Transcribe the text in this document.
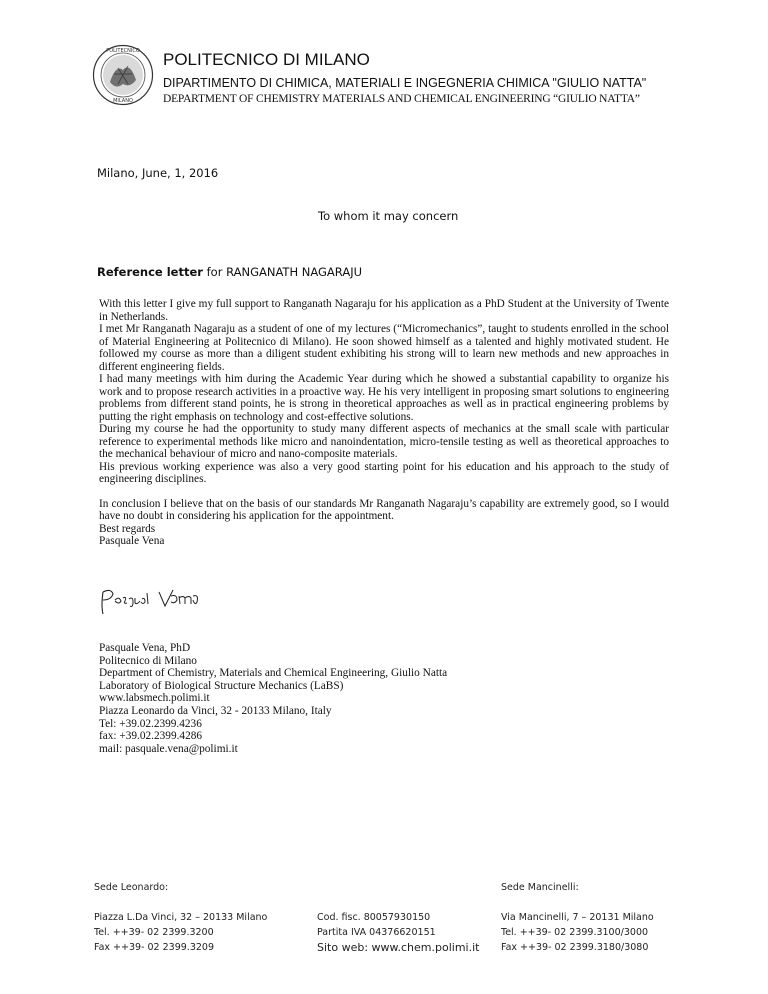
POLITECNICO
MILANO
POLITECNICO DI MILANO
DIPARTIMENTO DI CHIMICA, MATERIALI E INGEGNERIA CHIMICA "GIULIO NATTA"
DEPARTMENT OF CHEMISTRY MATERIALS AND CHEMICAL ENGINEERING “GIULIO NATTA”
Milano, June, 1, 2016
To whom it may concern
Reference letter for RANGANATH NAGARAJU

With this letter I give my full support to Ranganath Nagaraju for his application as a PhD Student at the University of Twente in Netherlands.

I met Mr Ranganath Nagaraju as a student of one of my lectures (“Micromechanics”, taught to students enrolled in the school of Material Engineering at Politecnico di Milano). He soon showed himself as a talented and highly motivated student. He followed my course as more than a diligent student exhibiting his strong will to learn new methods and new approaches in different engineering fields.

I had many meetings with him during the Academic Year during which he showed a substantial capability to organize his work and to propose research activities in a proactive way. He his very intelligent in proposing smart solutions to engineering problems from different stand points, he is strong in theoretical approaches as well as in practical engineering problems by putting the right emphasis on technology and cost-effective solutions.

During my course he had the opportunity to study many different aspects of mechanics at the small scale with particular reference to experimental methods like micro and nanoindentation, micro-tensile testing as well as theoretical approaches to the mechanical behaviour of micro and nano-composite materials.

His previous working experience was also a very good starting point for his education and his approach to the study of engineering disciplines.

In conclusion I believe that on the basis of our standards Mr Ranganath Nagaraju’s capability are extremely good, so I would have no doubt in considering his application for the appointment.

Best regards

Pasquale Vena

Pasquale Vena, PhD
Politecnico di Milano
Department of Chemistry, Materials and Chemical Engineering, Giulio Natta
Laboratory of Biological Structure Mechanics (LaBS)
www.labsmech.polimi.it
Piazza Leonardo da Vinci, 32 - 20133 Milano, Italy
Tel: +39.02.2399.4236
fax: +39.02.2399.4286
mail: pasquale.vena@polimi.it
Sede Leonardo:	Sede Mancinelli:
Piazza L.Da Vinci, 32 – 20133 Milano
Tel. ++39- 02 2399.3200
Fax ++39- 02 2399.3209
Cod. fisc. 80057930150
Partita IVA 04376620151
Sito web: www.chem.polimi.it
Via Mancinelli, 7 – 20131 Milano
Tel. ++39- 02 2399.3100/3000
Fax ++39- 02 2399.3180/3080
